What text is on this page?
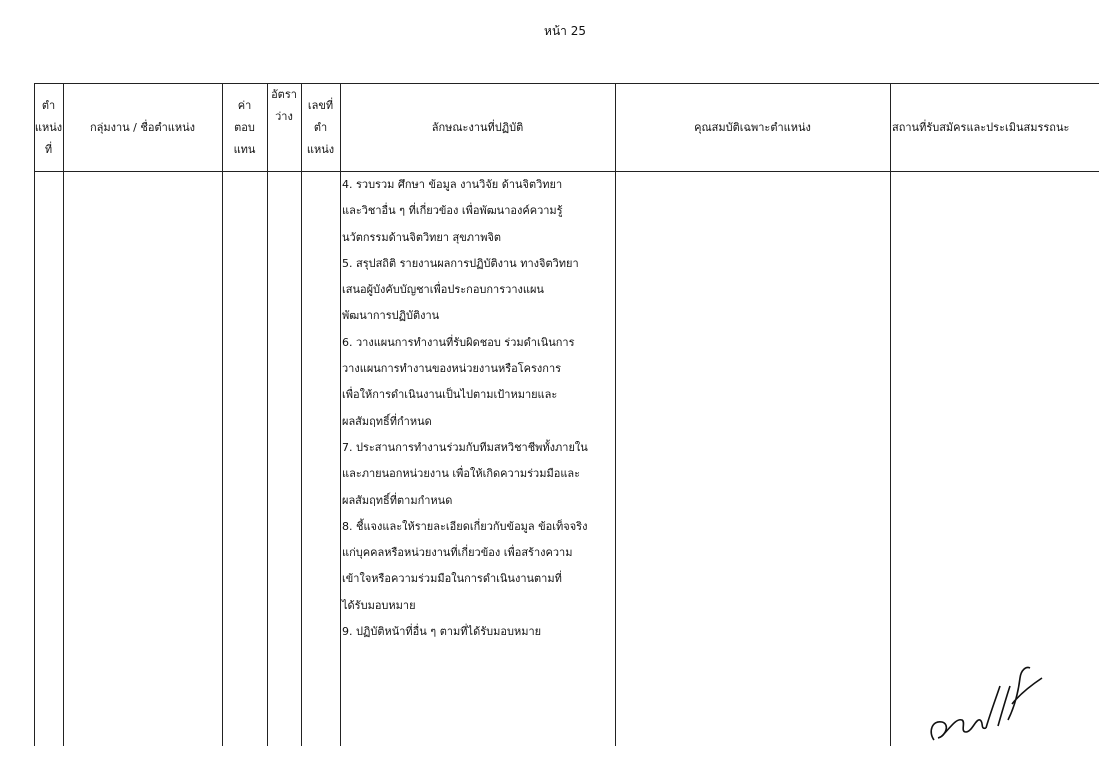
หน้า 25
ตำ
แหน่ง
ที่
กลุ่มงาน / ชื่อตำแหน่ง
ค่า
ตอบ
แทน
อัตรา
ว่าง
เลขที่
ตำ
แหน่ง
ลักษณะงานที่ปฏิบัติ	คุณสมบัติเฉพาะตำแหน่ง	สถานที่รับสมัครและประเมินสมรรถนะ
4. รวบรวม ศึกษา ข้อมูล งานวิจัย ด้านจิตวิทยา
และวิชาอื่น ๆ ที่เกี่ยวข้อง เพื่อพัฒนาองค์ความรู้
นวัตกรรมด้านจิตวิทยา สุขภาพจิต
5. สรุปสถิติ รายงานผลการปฏิบัติงาน ทางจิตวิทยา
เสนอผู้บังคับบัญชาเพื่อประกอบการวางแผน
พัฒนาการปฏิบัติงาน
6. วางแผนการทำงานที่รับผิดชอบ ร่วมดำเนินการ
วางแผนการทำงานของหน่วยงานหรือโครงการ
เพื่อให้การดำเนินงานเป็นไปตามเป้าหมายและ
ผลสัมฤทธิ์ที่กำหนด
7. ประสานการทำงานร่วมกับทีมสหวิชาชีพทั้งภายใน
และภายนอกหน่วยงาน เพื่อให้เกิดความร่วมมือและ
ผลสัมฤทธิ์ที่ตามกำหนด
8. ชี้แจงและให้รายละเอียดเกี่ยวกับข้อมูล ข้อเท็จจริง
แก่บุคคลหรือหน่วยงานที่เกี่ยวข้อง เพื่อสร้างความ
เข้าใจหรือความร่วมมือในการดำเนินงานตามที่
ได้รับมอบหมาย
9. ปฏิบัติหน้าที่อื่น ๆ ตามที่ได้รับมอบหมาย
